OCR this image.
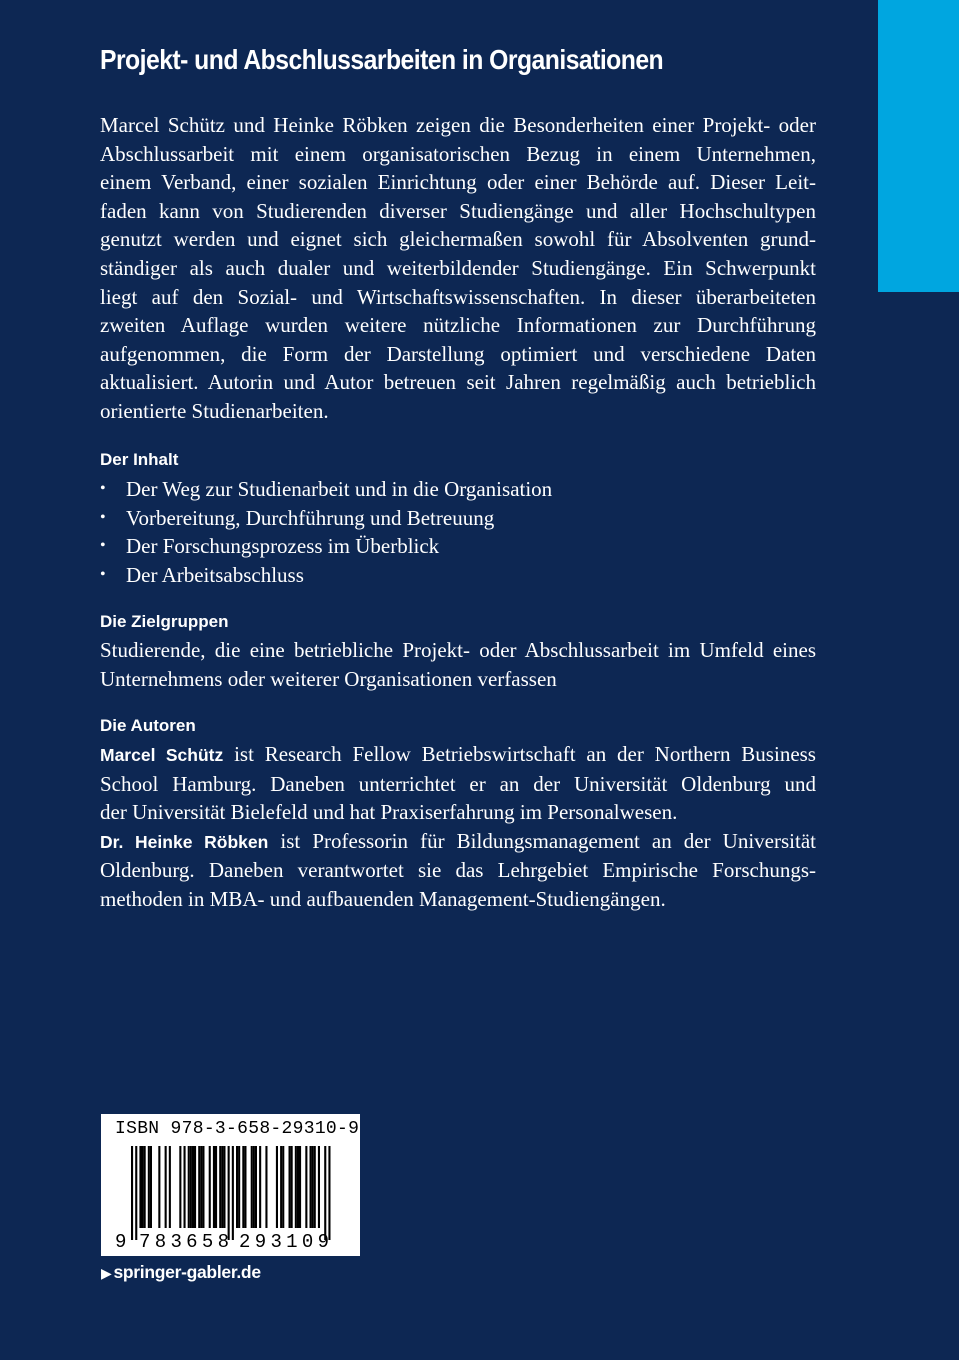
Projekt- und Abschlussarbeiten in Organisationen

Marcel Schütz und Heinke Röbken zeigen die Besonderheiten einer Projekt- oder
Abschlussarbeit mit einem organisatorischen Bezug in einem Unternehmen,
einem Verband, einer sozialen Einrichtung oder einer Behörde auf. Dieser Leit-
faden kann von Studierenden diverser Studiengänge und aller Hochschultypen
genutzt werden und eignet sich gleichermaßen sowohl für Absolventen grund-
ständiger als auch dualer und weiterbildender Studiengänge. Ein Schwerpunkt
liegt auf den Sozial- und Wirtschaftswissenschaften. In dieser überarbeiteten
zweiten Auflage wurden weitere nützliche Informationen zur Durchführung
aufgenommen, die Form der Darstellung optimiert und verschiedene Daten
aktualisiert. Autorin und Autor betreuen seit Jahren regelmäßig auch betrieblich
orientierte Studienarbeiten.

Der Inhalt
• Der Weg zur Studienarbeit und in die Organisation
• Vorbereitung, Durchführung und Betreuung
• Der Forschungsprozess im Überblick
• Der Arbeitsabschluss
Die Zielgruppen
Studierende, die eine betriebliche Projekt- oder Abschlussarbeit im Umfeld eines
Unternehmens oder weiterer Organisationen verfassen
Die Autoren
Marcel Schütz ist Research Fellow Betriebswirtschaft an der Northern Business
School Hamburg. Daneben unterrichtet er an der Universität Oldenburg und
der Universität Bielefeld und hat Praxiserfahrung im Personalwesen.
Dr. Heinke Röbken ist Professorin für Bildungsmanagement an der Universität
Oldenburg. Daneben verantwortet sie das Lehrgebiet Empirische Forschungs-
methoden in MBA- und aufbauenden Management-Studiengängen.
ISBN 978-3-658-29310-9
9 783658 293109
▶ springer-gabler.de
